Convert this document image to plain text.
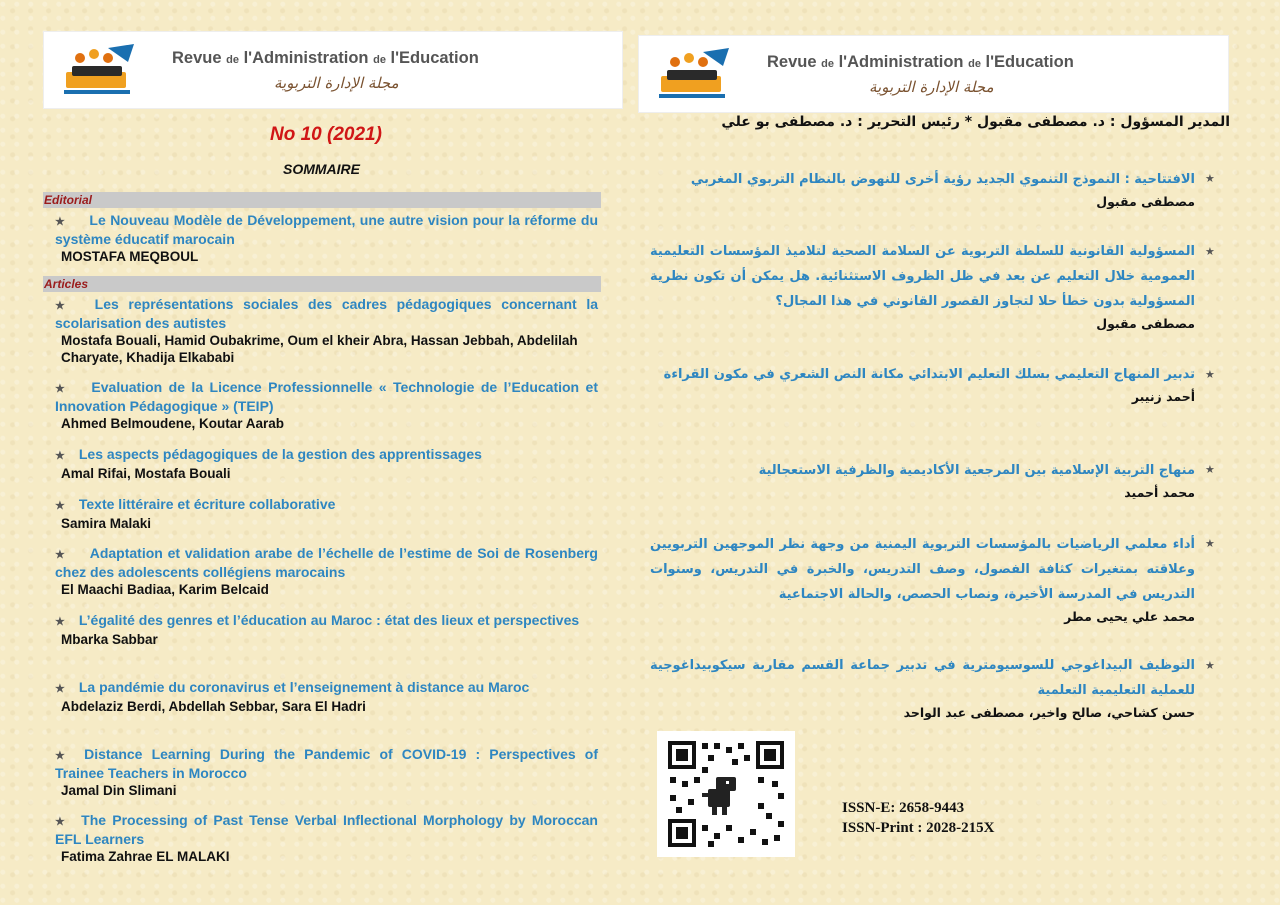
Revue de l'Administration de l'Education
مجلة الإدارة التربوية
Revue de l'Administration de l'Education
مجلة الإدارة التربوية
No 10 (2021)
SOMMAIRE
Editorial

★ Le Nouveau Modèle de Développement, une autre vision pour la réforme du système éducatif marocain

MOSTAFA MEQBOUL

Articles

★ Les représentations sociales des cadres pédagogiques concernant la scolarisation des autistes

Mostafa Bouali, Hamid Oubakrime, Oum el kheir Abra, Hassan Jebbah, Abdelilah Charyate, Khadija Elkababi

★ Evaluation de la Licence Professionnelle « Technologie de l’Education et Innovation Pédagogique » (TEIP)

Ahmed Belmoudene, Koutar Aarab

★ Les aspects pédagogiques de la gestion des apprentissages

Amal Rifai, Mostafa Bouali

★ Texte littéraire et écriture collaborative

Samira Malaki

★ Adaptation et validation arabe de l’échelle de l’estime de Soi de Rosenberg chez des adolescents collégiens marocains

El Maachi Badiaa, Karim Belcaid

★ L’égalité des genres et l’éducation au Maroc : état des lieux et perspectives

Mbarka Sabbar

★ La pandémie du coronavirus et l’enseignement à distance au Maroc

Abdelaziz Berdi, Abdellah Sebbar, Sara El Hadri

★ Distance Learning During the Pandemic of COVID-19 : Perspectives of Trainee Teachers in Morocco

Jamal Din Slimani

★ The Processing of Past Tense Verbal Inflectional Morphology by Moroccan EFL Learners

Fatima Zahrae EL MALAKI

المدير المسؤول : د. مصطفى مقبول * رئيس التحرير : د. مصطفى بو علي
★

الافتتاحية : النموذج التنموي الجديد رؤية أخرى للنهوض بالنظام التربوي المغربي

مصطفى مقبول

★

المسؤولية القانونية للسلطة التربوية عن السلامة الصحية لتلاميذ المؤسسات التعليمية العمومية خلال التعليم عن بعد في ظل الظروف الاستثنائية. هل يمكن أن تكون نظرية المسؤولية بدون خطأ حلا لتجاوز القصور القانوني في هذا المجال؟

مصطفى مقبول

★

تدبير المنهاج التعليمي بسلك التعليم الابتدائي مكانة النص الشعري في مكون القراءة

أحمد زنيبر

★

منهاج التربية الإسلامية بين المرجعية الأكاديمية والظرفية الاستعجالية

محمد أحميد

★

أداء معلمي الرياضيات بالمؤسسات التربوية اليمنية من وجهة نظر الموجهين التربويين وعلاقته بمتغيرات كثافة الفصول، وصف التدريس، والخبرة في التدريس، وسنوات التدريس في المدرسة الأخيرة، ونصاب الحصص، والحالة الاجتماعية

محمد علي يحيى مطر

★

التوظيف البيداغوجي للسوسيومترية في تدبير جماعة القسم مقاربة سيكوبيداغوجية للعملية التعليمية التعلمية

حسن كشاحي، صالح واخير، مصطفى عبد الواحد

ISSN-E: 2658-9443
ISSN-Print : 2028-215X
